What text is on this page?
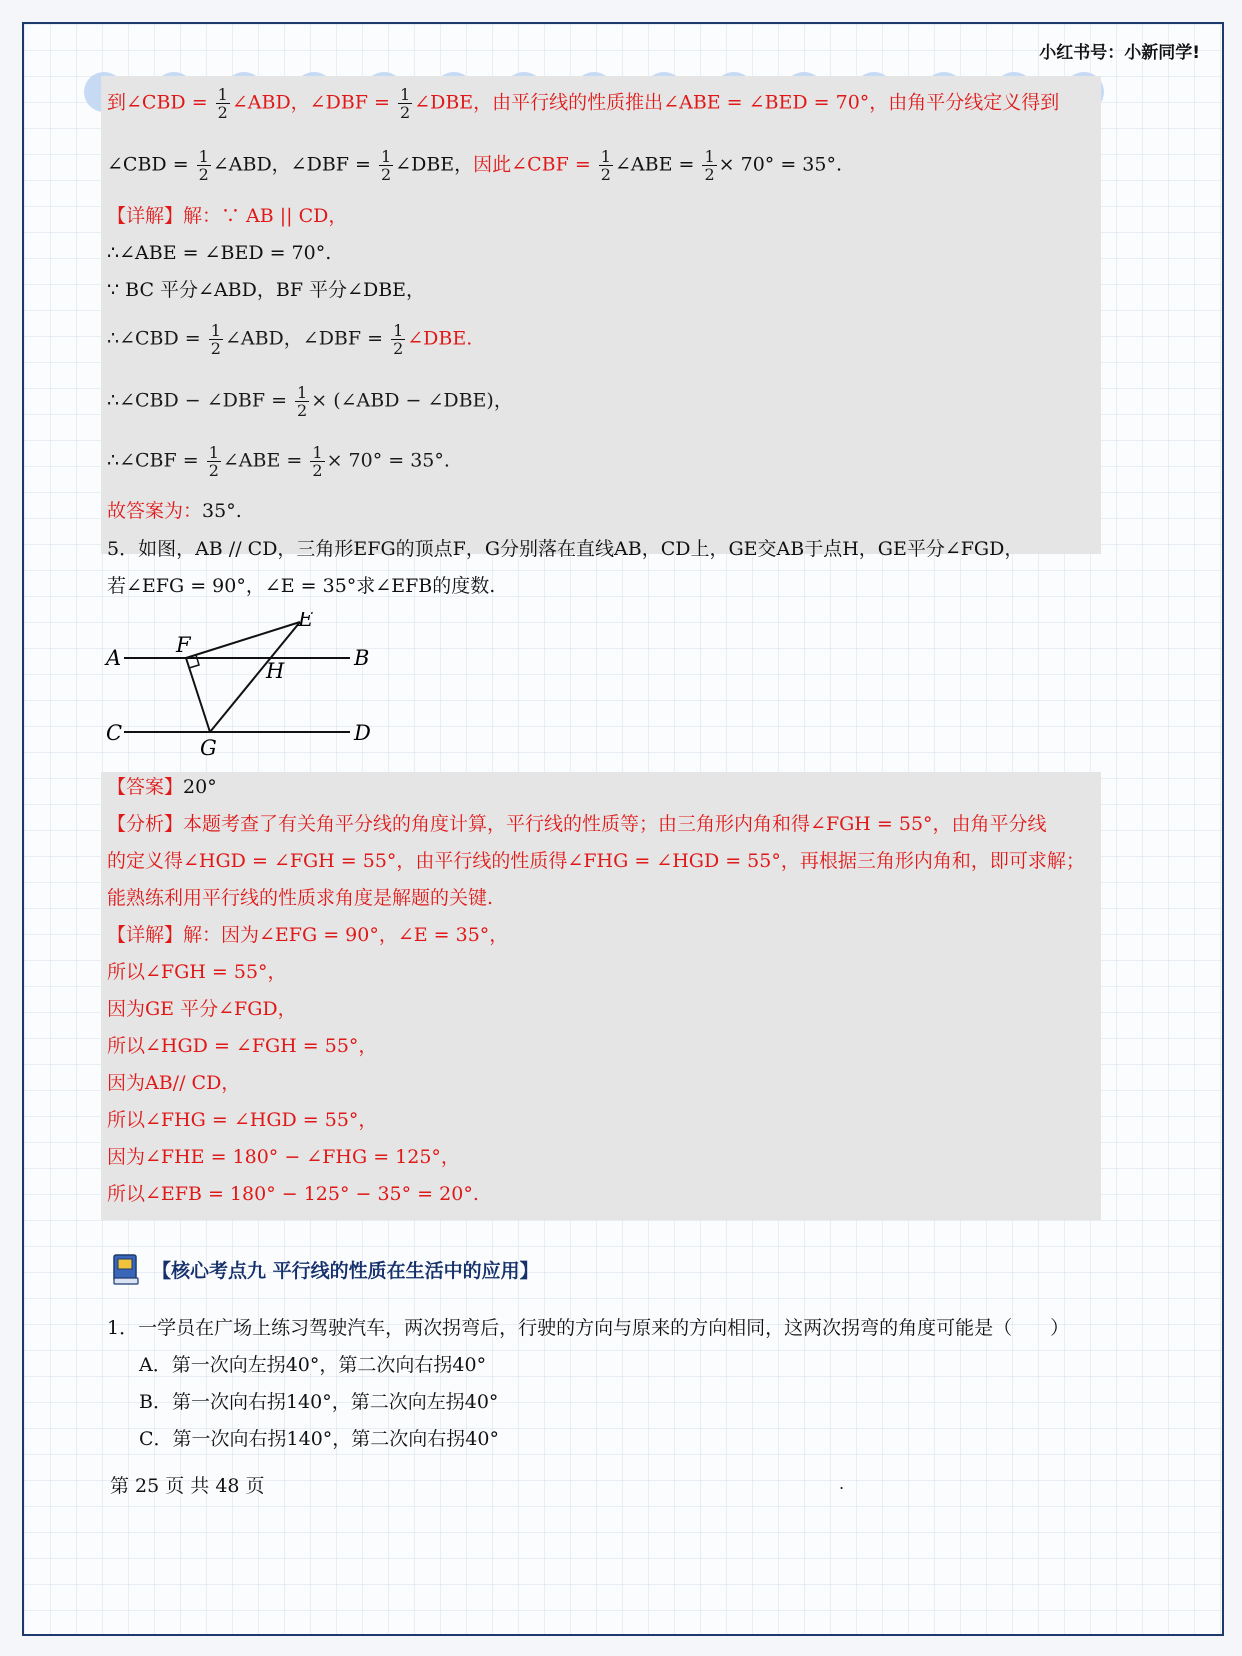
小红书号：小新同学!
到∠CBD = $\frac{1}{2}$ ∠ABD，∠DBF = $\frac{1}{2}$ ∠DBE，由平行线的性质推出∠ABE = ∠BED = 70°，由角平分线定义得到
∠CBD = $\frac{1}{2}$ ∠ABD，∠DBF = $\frac{1}{2}$ ∠DBE，因此∠CBF = $\frac{1}{2}$ ∠ABE = $\frac{1}{2} \times 70^\circ = 35^\circ$.
【详解】解：∵ AB || CD，
∴∠ABE = ∠BED = 70°.
∵ BC 平分∠ABD，BF 平分∠DBE，
∴∠CBD = $\frac{1}{2}$ ∠ABD，∠DBF = $\frac{1}{2}$ ∠DBE.
∴∠CBD − ∠DBF = $\frac{1}{2}$ × (∠ABD − ∠DBE)，
∴∠CBF = $\frac{1}{2}$ ∠ABE = $\frac{1}{2} \times 70^\circ = 35^\circ$.
故答案为：35°.
5．如图，AB // CD，三角形EFG的顶点F，G分别落在直线AB，CD上，GE交AB于点H，GE平分∠FGD，
若∠EFG = 90°，∠E = 35°求∠EFB的度数.
A	B
C	D
E
F
G
H
【答案】20°
【分析】本题考查了有关角平分线的角度计算，平行线的性质等；由三角形内角和得∠FGH = 55°，由角平分线
的定义得∠HGD = ∠FGH = 55°，由平行线的性质得∠FHG = ∠HGD = 55°，再根据三角形内角和，即可求解；
能熟练利用平行线的性质求角度是解题的关键.
【详解】解：因为∠EFG = 90°，∠E = 35°，
所以∠FGH = 55°，
因为GE 平分∠FGD，
所以∠HGD = ∠FGH = 55°，
因为AB// CD，
所以∠FHG = ∠HGD = 55°，
因为∠FHE = 180° − ∠FHG = 125°，
所以∠EFB = 180° − 125° − 35° = 20°.
【核心考点九 平行线的性质在生活中的应用】
1．一学员在广场上练习驾驶汽车，两次拐弯后，行驶的方向与原来的方向相同，这两次拐弯的角度可能是（　　）
A．第一次向左拐40°，第二次向右拐40°
B．第一次向右拐140°，第二次向左拐40°
C．第一次向右拐140°，第二次向右拐40°
第 25 页 共 48 页	.
